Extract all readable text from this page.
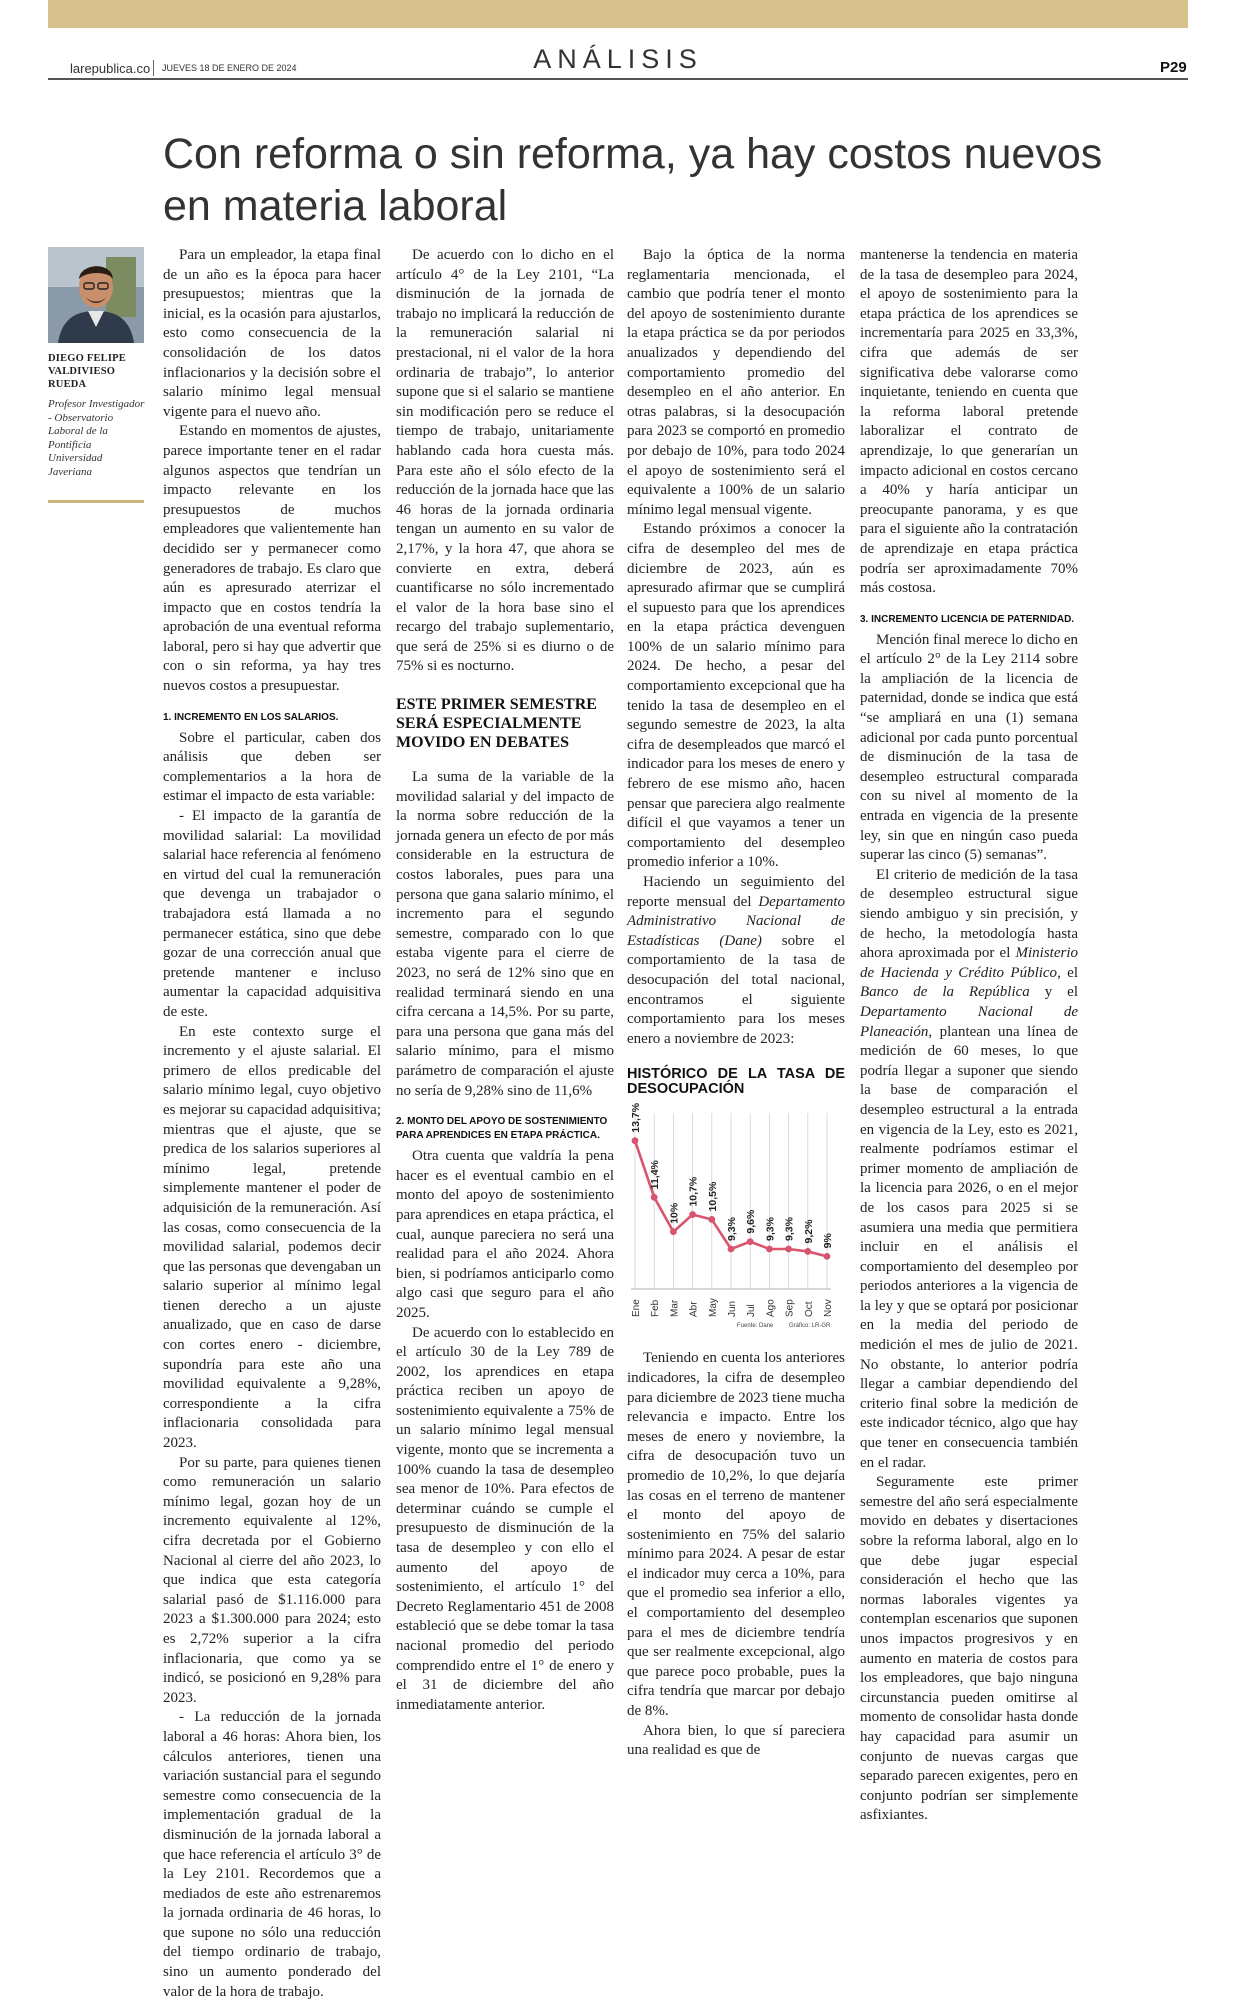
larepublica.co JUEVES 18 DE ENERO DE 2024	ANÁLISIS	P29
Con reforma o sin reforma, ya hay costos nuevos en materia laboral
DIEGO FELIPE VALDIVIESO RUEDA
Profesor Investigador - Observatorio Laboral de la Pontificia Universidad Javeriana

Para un empleador, la etapa final de un año es la época para hacer presupuestos; mientras que la inicial, es la ocasión para ajustarlos, esto como consecuencia de la consolidación de los datos inflacionarios y la decisión sobre el salario mínimo legal mensual vigente para el nuevo año.

Estando en momentos de ajustes, parece importante tener en el radar algunos aspectos que tendrían un impacto relevante en los presupuestos de muchos empleadores que valientemente han decidido ser y permanecer como generadores de trabajo. Es claro que aún es apresurado aterrizar el impacto que en costos tendría la aprobación de una eventual reforma laboral, pero si hay que advertir que con o sin reforma, ya hay tres nuevos costos a presupuestar.

1. INCREMENTO EN LOS SALARIOS.

Sobre el particular, caben dos análisis que deben ser complementarios a la hora de estimar el impacto de esta variable:

- El impacto de la garantía de movilidad salarial: La movilidad salarial hace referencia al fenómeno en virtud del cual la remuneración que devenga un trabajador o trabajadora está llamada a no permanecer estática, sino que debe gozar de una corrección anual que pretende mantener e incluso aumentar la capacidad adquisitiva de este.

En este contexto surge el incremento y el ajuste salarial. El primero de ellos predicable del salario mínimo legal, cuyo objetivo es mejorar su capacidad adquisitiva; mientras que el ajuste, que se predica de los salarios superiores al mínimo legal, pretende simplemente mantener el poder de adquisición de la remuneración. Así las cosas, como consecuencia de la movilidad salarial, podemos decir que las personas que devengaban un salario superior al mínimo legal tienen derecho a un ajuste anualizado, que en caso de darse con cortes enero - diciembre, supondría para este año una movilidad equivalente a 9,28%, correspondiente a la cifra inflacionaria consolidada para 2023.

Por su parte, para quienes tienen como remuneración un salario mínimo legal, gozan hoy de un incremento equivalente al 12%, cifra decretada por el Gobierno Nacional al cierre del año 2023, lo que indica que esta categoría salarial pasó de $1.116.000 para 2023 a $1.300.000 para 2024; esto es 2,72% superior a la cifra inflacionaria, que como ya se indicó, se posicionó en 9,28% para 2023.

- La reducción de la jornada laboral a 46 horas: Ahora bien, los cálculos anteriores, tienen una variación sustancial para el segundo semestre como consecuencia de la implementación gradual de la disminución de la jornada laboral a que hace referencia el artículo 3° de la Ley 2101. Recordemos que a mediados de este año estrenaremos la jornada ordinaria de 46 horas, lo que supone no sólo una reducción del tiempo ordinario de trabajo, sino un aumento ponderado del valor de la hora de trabajo.

De acuerdo con lo dicho en el artículo 4° de la Ley 2101, “La disminución de la jornada de trabajo no implicará la reducción de la remuneración salarial ni prestacional, ni el valor de la hora ordinaria de trabajo”, lo anterior supone que si el salario se mantiene sin modificación pero se reduce el tiempo de trabajo, unitariamente hablando cada hora cuesta más. Para este año el sólo efecto de la reducción de la jornada hace que las 46 horas de la jornada ordinaria tengan un aumento en su valor de 2,17%, y la hora 47, que ahora se convierte en extra, deberá cuantificarse no sólo incrementado el valor de la hora base sino el recargo del trabajo suplementario, que será de 25% si es diurno o de 75% si es nocturno.

ESTE PRIMER SEMESTRE SERÁ ESPECIALMENTE MOVIDO EN DEBATES

La suma de la variable de la movilidad salarial y del impacto de la norma sobre reducción de la jornada genera un efecto de por más considerable en la estructura de costos laborales, pues para una persona que gana salario mínimo, el incremento para el segundo semestre, comparado con lo que estaba vigente para el cierre de 2023, no será de 12% sino que en realidad terminará siendo en una cifra cercana a 14,5%. Por su parte, para una persona que gana más del salario mínimo, para el mismo parámetro de comparación el ajuste no sería de 9,28% sino de 11,6%

2. MONTO DEL APOYO DE SOSTENIMIENTO PARA APRENDICES EN ETAPA PRÁCTICA.

Otra cuenta que valdría la pena hacer es el eventual cambio en el monto del apoyo de sostenimiento para aprendices en etapa práctica, el cual, aunque pareciera no será una realidad para el año 2024. Ahora bien, si podríamos anticiparlo como algo casi que seguro para el año 2025.

De acuerdo con lo establecido en el artículo 30 de la Ley 789 de 2002, los aprendices en etapa práctica reciben un apoyo de sostenimiento equivalente a 75% de un salario mínimo legal mensual vigente, monto que se incrementa a 100% cuando la tasa de desempleo sea menor de 10%. Para efectos de determinar cuándo se cumple el presupuesto de disminución de la tasa de desempleo y con ello el aumento del apoyo de sostenimiento, el artículo 1° del Decreto Reglamentario 451 de 2008 estableció que se debe tomar la tasa nacional promedio del periodo comprendido entre el 1° de enero y el 31 de diciembre del año inmediatamente anterior.

Bajo la óptica de la norma reglamentaria mencionada, el cambio que podría tener el monto del apoyo de sostenimiento durante la etapa práctica se da por periodos anualizados y dependiendo del comportamiento promedio del desempleo en el año anterior. En otras palabras, si la desocupación para 2023 se comportó en promedio por debajo de 10%, para todo 2024 el apoyo de sostenimiento será el equivalente a 100% de un salario mínimo legal mensual vigente.

Estando próximos a conocer la cifra de desempleo del mes de diciembre de 2023, aún es apresurado afirmar que se cumplirá el supuesto para que los aprendices en la etapa práctica devenguen 100% de un salario mínimo para 2024. De hecho, a pesar del comportamiento excepcional que ha tenido la tasa de desempleo en el segundo semestre de 2023, la alta cifra de desempleados que marcó el indicador para los meses de enero y febrero de ese mismo año, hacen pensar que pareciera algo realmente difícil el que vayamos a tener un comportamiento del desempleo promedio inferior a 10%.

Haciendo un seguimiento del reporte mensual del Departamento Administrativo Nacional de Estadísticas (Dane) sobre el comportamiento de la tasa de desocupación del total nacional, encontramos el siguiente comportamiento para los meses enero a noviembre de 2023:

HISTÓRICO DE LA TASA DE DESOCUPACIÓN
13,7%
Ene
11,4%
Feb
10%
Mar
10,7%
Abr
10,5%
May
9,3%
Jun
9,6%
Jul
9,3%
Ago
9,3%
Sep
9,2%
Oct
9%
Nov
Fuente: Dane	Gráfico: LR-GR

Teniendo en cuenta los anteriores indicadores, la cifra de desempleo para diciembre de 2023 tiene mucha relevancia e impacto. Entre los meses de enero y noviembre, la cifra de desocupación tuvo un promedio de 10,2%, lo que dejaría las cosas en el terreno de mantener el monto del apoyo de sostenimiento en 75% del salario mínimo para 2024. A pesar de estar el indicador muy cerca a 10%, para que el promedio sea inferior a ello, el comportamiento del desempleo para el mes de diciembre tendría que ser realmente excepcional, algo que parece poco probable, pues la cifra tendría que marcar por debajo de 8%.

Ahora bien, lo que sí pareciera una realidad es que de

mantenerse la tendencia en materia de la tasa de desempleo para 2024, el apoyo de sostenimiento para la etapa práctica de los aprendices se incrementaría para 2025 en 33,3%, cifra que además de ser significativa debe valorarse como inquietante, teniendo en cuenta que la reforma laboral pretende laboralizar el contrato de aprendizaje, lo que generarían un impacto adicional en costos cercano a 40% y haría anticipar un preocupante panorama, y es que para el siguiente año la contratación de aprendizaje en etapa práctica podría ser aproximadamente 70% más costosa.

3. INCREMENTO LICENCIA DE PATERNIDAD.

Mención final merece lo dicho en el artículo 2° de la Ley 2114 sobre la ampliación de la licencia de paternidad, donde se indica que está “se ampliará en una (1) semana adicional por cada punto porcentual de disminución de la tasa de desempleo estructural comparada con su nivel al momento de la entrada en vigencia de la presente ley, sin que en ningún caso pueda superar las cinco (5) semanas”.

El criterio de medición de la tasa de desempleo estructural sigue siendo ambiguo y sin precisión, y de hecho, la metodología hasta ahora aproximada por el Ministerio de Hacienda y Crédito Público, el Banco de la República y el Departamento Nacional de Planeación, plantean una línea de medición de 60 meses, lo que podría llegar a suponer que siendo la base de comparación el desempleo estructural a la entrada en vigencia de la Ley, esto es 2021, realmente podríamos estimar el primer momento de ampliación de la licencia para 2026, o en el mejor de los casos para 2025 si se asumiera una media que permitiera incluir en el análisis el comportamiento del desempleo por periodos anteriores a la vigencia de la ley y que se optará por posicionar en la media del periodo de medición el mes de julio de 2021. No obstante, lo anterior podría llegar a cambiar dependiendo del criterio final sobre la medición de este indicador técnico, algo que hay que tener en consecuencia también en el radar.

Seguramente este primer semestre del año será especialmente movido en debates y disertaciones sobre la reforma laboral, algo en lo que debe jugar especial consideración el hecho que las normas laborales vigentes ya contemplan escenarios que suponen unos impactos progresivos y en aumento en materia de costos para los empleadores, que bajo ninguna circunstancia pueden omitirse al momento de consolidar hasta donde hay capacidad para asumir un conjunto de nuevas cargas que separado parecen exigentes, pero en conjunto podrían ser simplemente asfixiantes.
